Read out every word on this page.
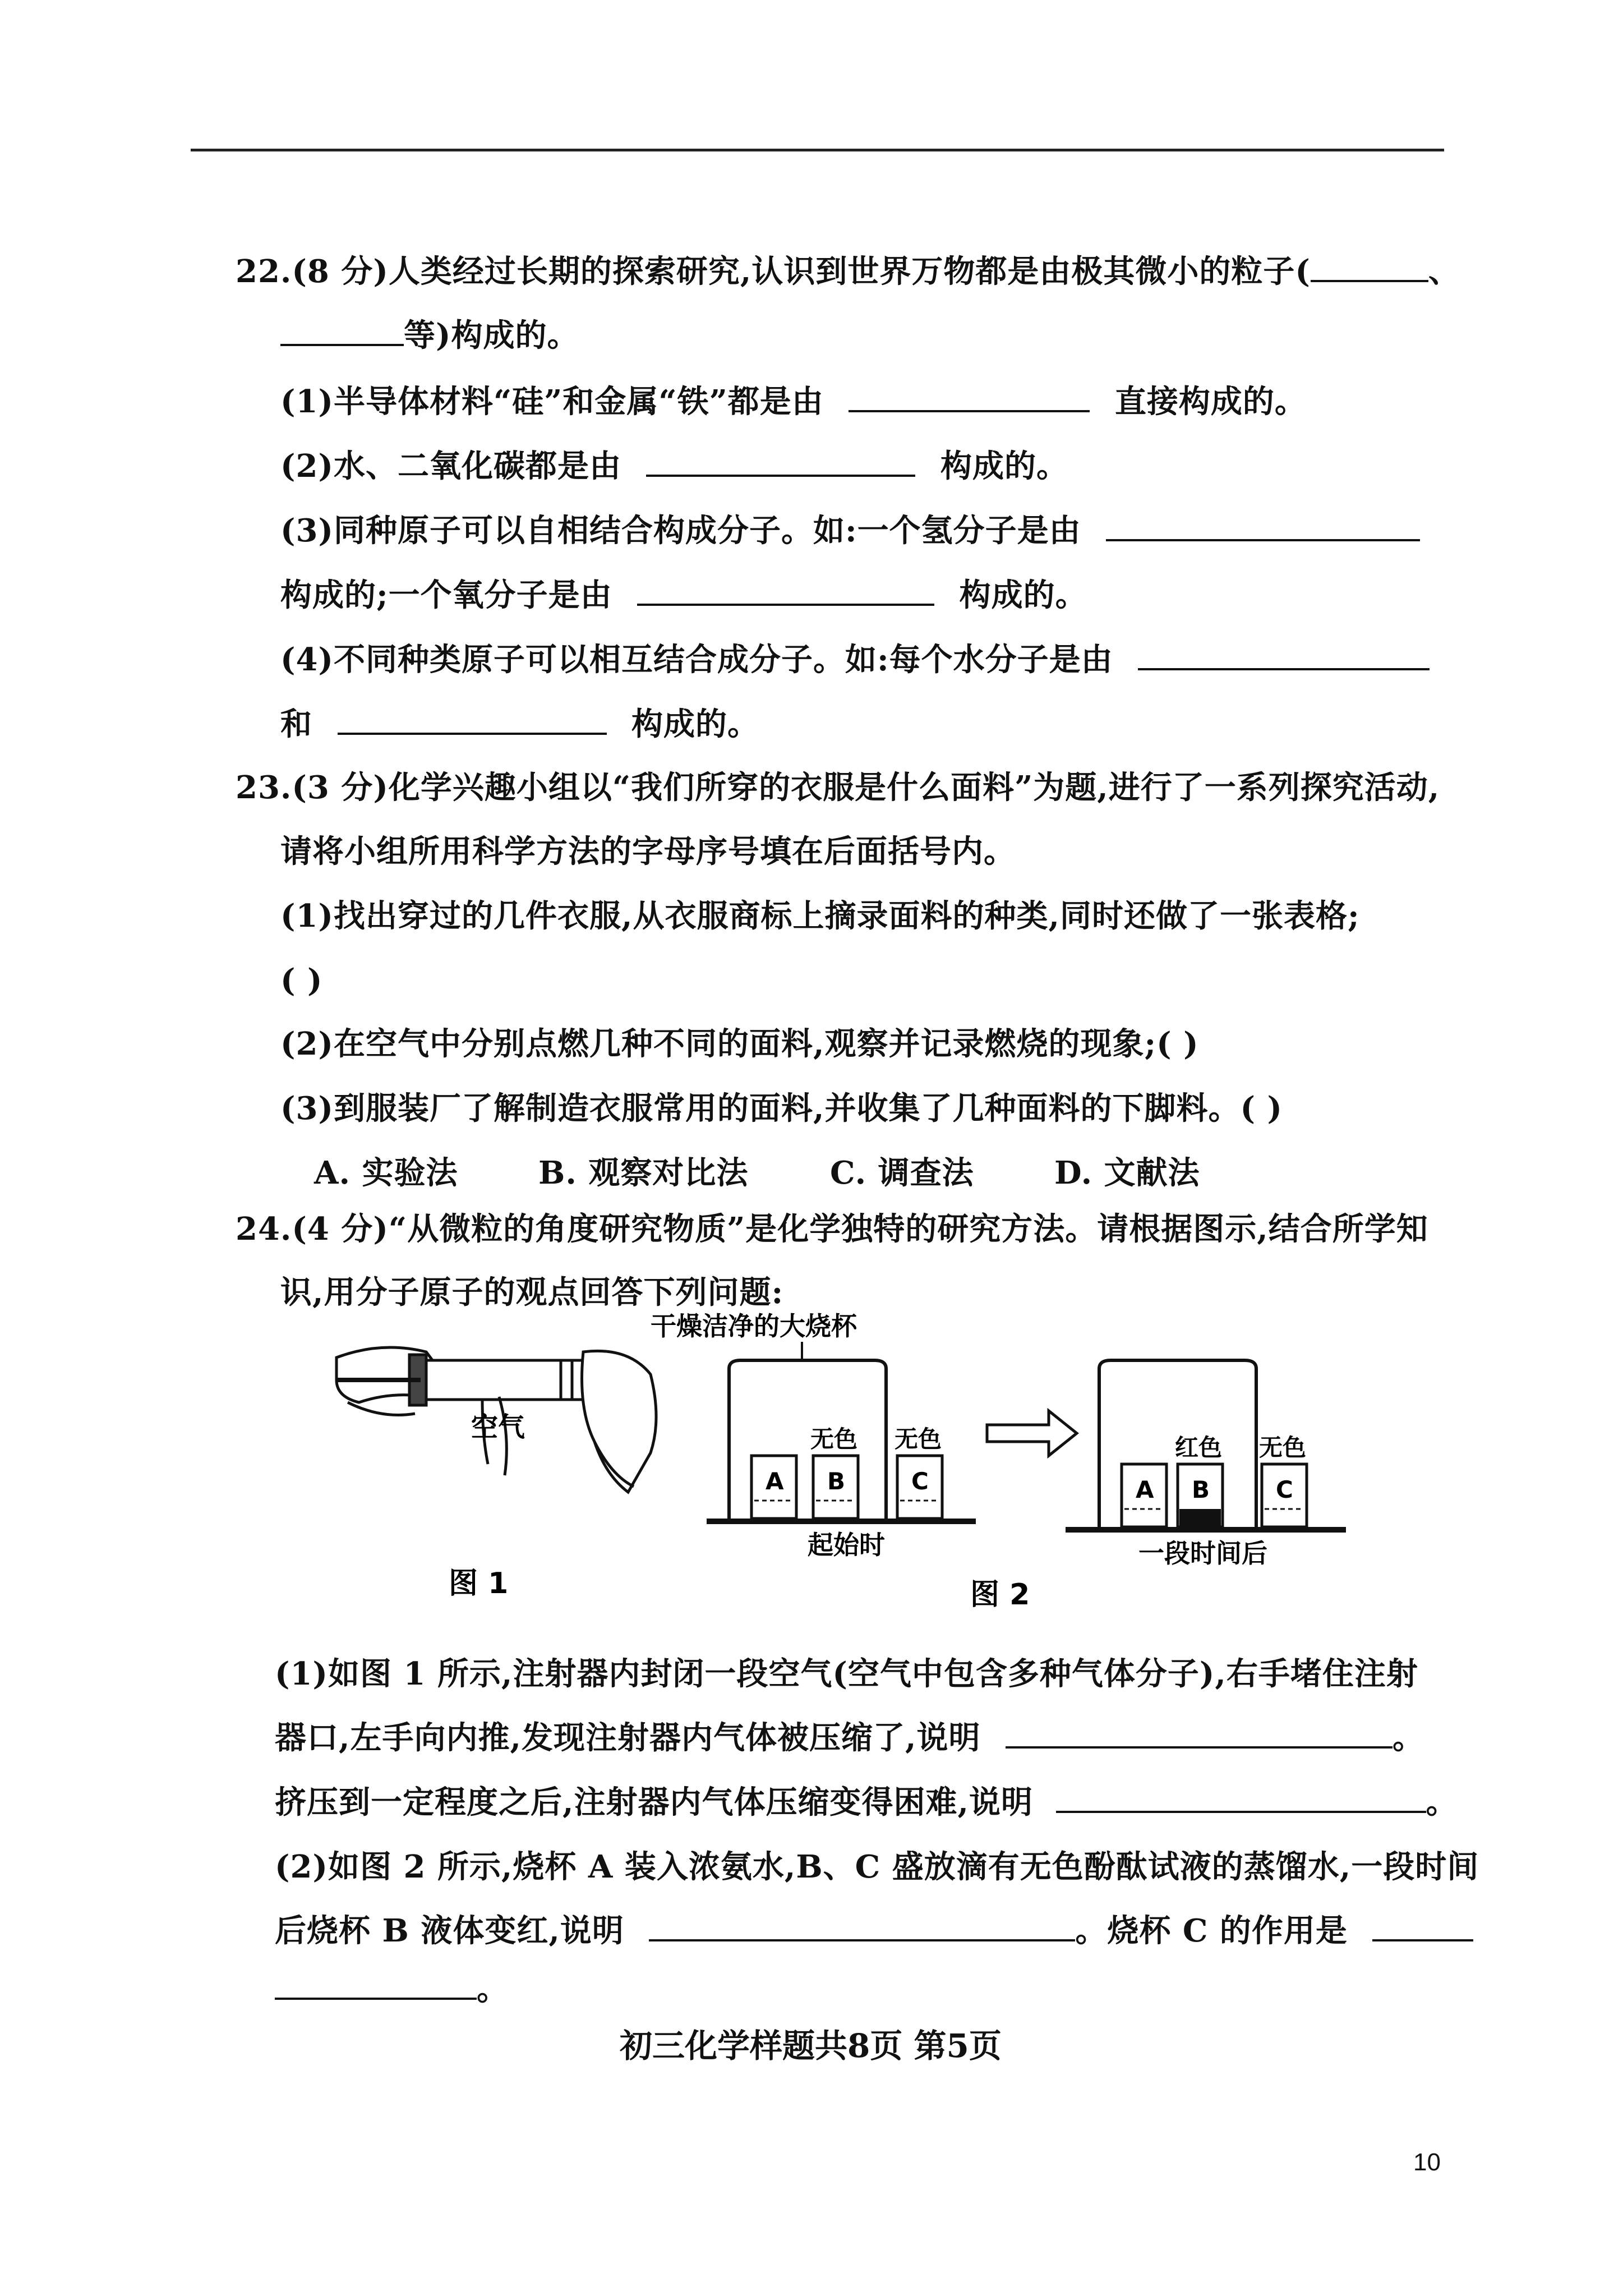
22.(8 分)人类经过长期的探索研究,认识到世界万物都是由极其微小的粒子(	、
等)构成的。
(1)半导体材料“硅”和金属“铁”都是由	直接构成的。
(2)水、二氧化碳都是由	构成的。
(3)同种原子可以自相结合构成分子。如:一个氢分子是由
构成的;一个氧分子是由	构成的。
(4)不同种类原子可以相互结合成分子。如:每个水分子是由
和	构成的。
23.(3 分)化学兴趣小组以“我们所穿的衣服是什么面料”为题,进行了一系列探究活动,
请将小组所用科学方法的字母序号填在后面括号内。
(1)找出穿过的几件衣服,从衣服商标上摘录面料的种类,同时还做了一张表格;
( )
(2)在空气中分别点燃几种不同的面料,观察并记录燃烧的现象;( )
(3)到服装厂了解制造衣服常用的面料,并收集了几种面料的下脚料。( )
A. 实验法	B. 观察对比法	C. 调查法	D. 文献法
24.(4 分)“从微粒的角度研究物质”是化学独特的研究方法。请根据图示,结合所学知
识,用分子原子的观点回答下列问题:
空气
图 1
干燥洁净的大烧杯
A B	C
无色 无色
起始时
A B	C
红色 无色
一段时间后
图 2
(1)如图 1 所示,注射器内封闭一段空气(空气中包含多种气体分子),右手堵住注射
器口,左手向内推,发现注射器内气体被压缩了,说明	。
挤压到一定程度之后,注射器内气体压缩变得困难,说明	。
(2)如图 2 所示,烧杯 A 装入浓氨水,B、C 盛放滴有无色酚酞试液的蒸馏水,一段时间
后烧杯 B 液体变红,说明	。烧杯 C 的作用是
。
初三化学样题共8页 第5页
10
